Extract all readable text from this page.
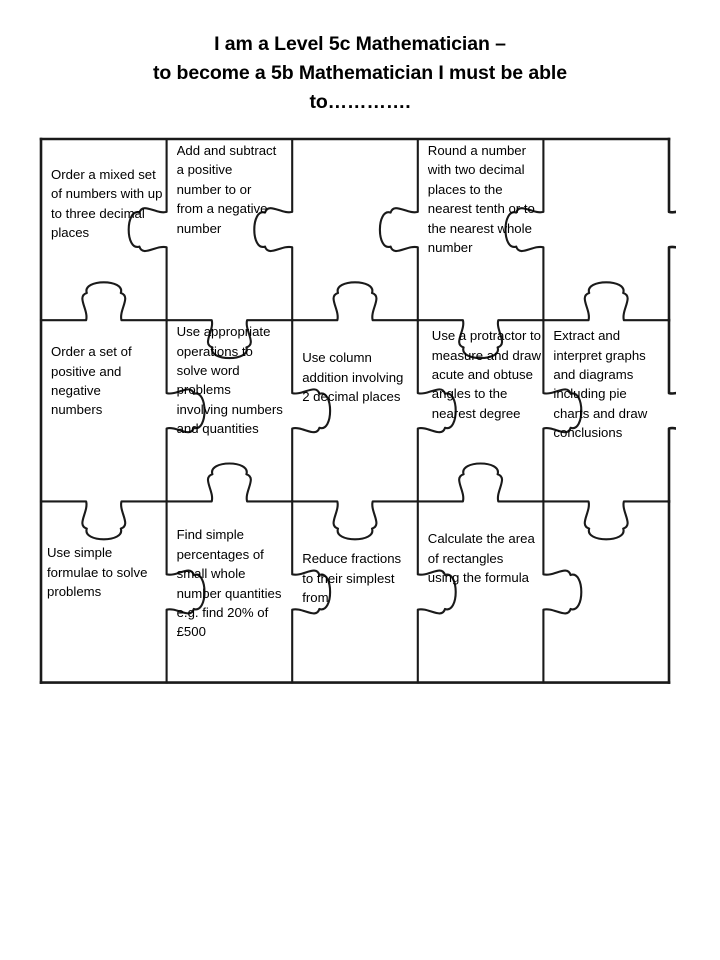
I am a Level 5c Mathematician –
to become a 5b Mathematician I must be able
to………….
Order a mixed set of numbers with up to three decimal places
Add and subtract a positive number to or from a negative number
Round a number with two decimal places to the nearest tenth or to the nearest whole number
Order a set of positive and negative numbers
Use appropriate operations to solve word problems involving numbers and quantities
Use column addition involving 2 decimal places
Use a protractor to measure and draw acute and obtuse angles to the nearest degree
Extract and interpret graphs and diagrams including pie charts and draw conclusions
Use simple formulae to solve problems
Find simple percentages of small whole number quantities e.g. find 20% of £500
Reduce fractions to their simplest from
Calculate the area of rectangles using the formula
